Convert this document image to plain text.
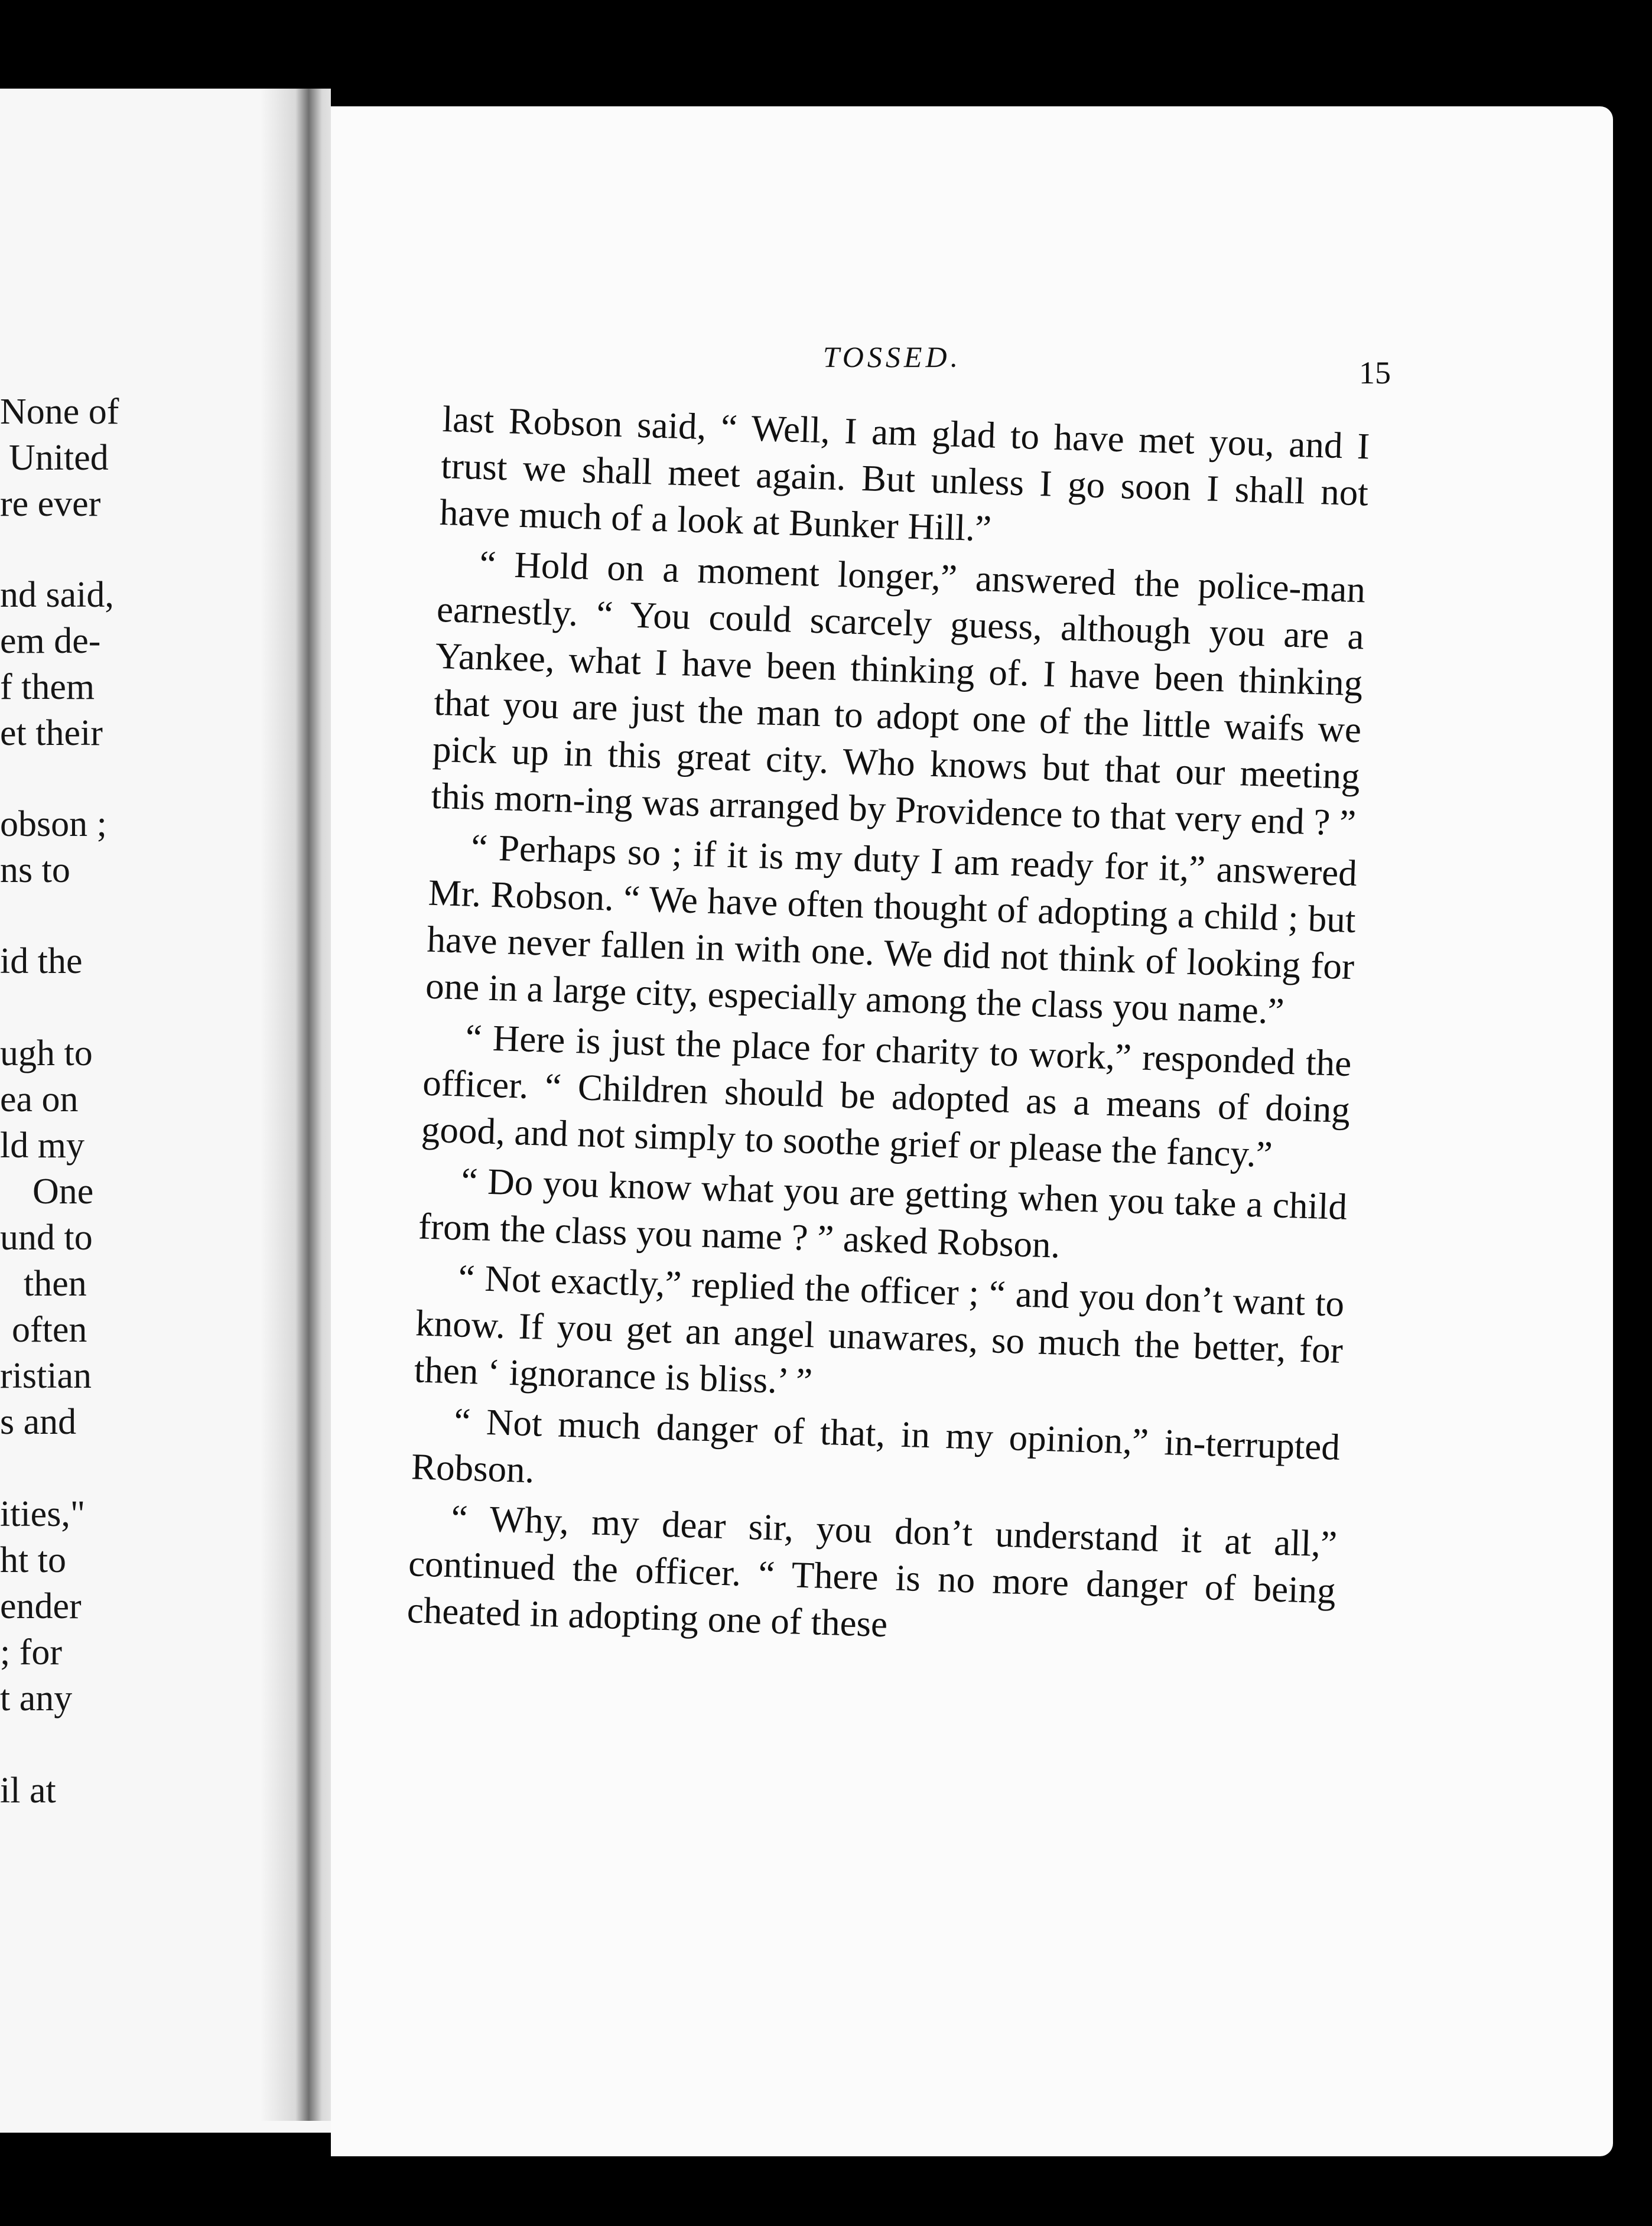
None of
United
re ever
nd said,
em de-
f them
et their
obson ;
ns to
id the
ugh to
ea on
ld my
One
und to
then
often
ristian
s and
ities,"
ht to
ender
; for
t any
il at
TOSSED.	15

last Robson said, “ Well, I am glad to have met you, and I trust we shall meet again. But unless I go soon I shall not have much of a look at Bunker Hill.”

“ Hold on a moment longer,” answered the police-man earnestly. “ You could scarcely guess, although you are a Yankee, what I have been thinking of. I have been thinking that you are just the man to adopt one of the little waifs we pick up in this great city. Who knows but that our meeting this morn-ing was arranged by Providence to that very end ? ”

“ Perhaps so ; if it is my duty I am ready for it,” answered Mr. Robson. “ We have often thought of adopting a child ; but have never fallen in with one. We did not think of looking for one in a large city, especially among the class you name.”

“ Here is just the place for charity to work,” responded the officer. “ Children should be adopted as a means of doing good, and not simply to soothe grief or please the fancy.”

“ Do you know what you are getting when you take a child from the class you name ? ” asked Robson.

“ Not exactly,” replied the officer ; “ and you don’t want to know. If you get an angel unawares, so much the better, for then ‘ ignorance is bliss.’ ”

“ Not much danger of that, in my opinion,” in-terrupted Robson.

“ Why, my dear sir, you don’t understand it at all,” continued the officer. “ There is no more danger of being cheated in adopting one of these
